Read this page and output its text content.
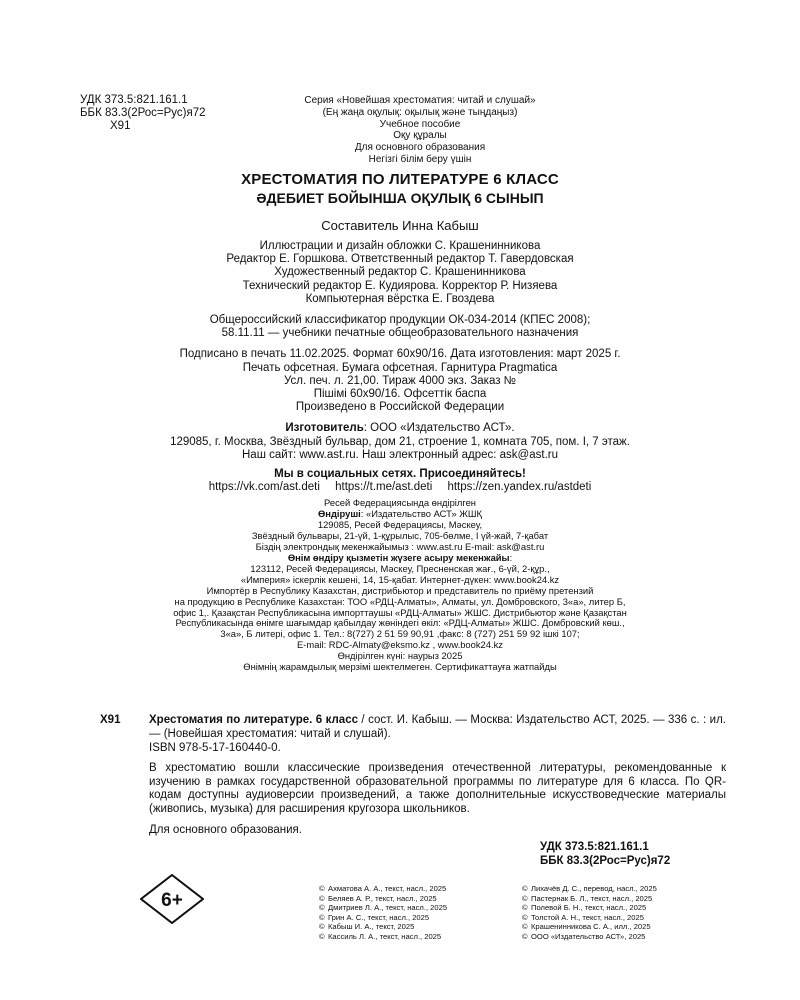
УДК 373.5:821.161.1
ББК 83.3(2Рос=Рус)я72
Х91
Серия «Новейшая хрестоматия: читай и слушай»
(Ең жаңа оқулық: оқылық және тыңдаңыз)
Учебное пособие
Оқу құралы
Для основного образования
Негізгі білім беру үшін
ХРЕСТОМАТИЯ ПО ЛИТЕРАТУРЕ 6 КЛАСС
ӘДЕБИЕТ БОЙЫНША ОҚУЛЫҚ 6 СЫНЫП
Составитель Инна Кабыш
Иллюстрации и дизайн обложки С. Крашенинникова
Редактор Е. Горшкова. Ответственный редактор Т. Гавердовская
Художественный редактор С. Крашенинникова
Технический редактор Е. Кудиярова. Корректор Р. Низяева
Компьютерная вёрстка Е. Гвоздева
Общероссийский классификатор продукции ОК-034-2014 (КПЕС 2008);
58.11.11 — учебники печатные общеобразовательного назначения
Подписано в печать 11.02.2025. Формат 60x90/16. Дата изготовления: март 2025 г.
Печать офсетная. Бумага офсетная. Гарнитура Pragmatica
Усл. печ. л. 21,00. Тираж 4000 экз. Заказ №
Пішімі 60x90/16. Офсеттік баспа
Произведено в Российской Федерации
Изготовитель: ООО «Издательство АСТ».
129085, г. Москва, Звёздный бульвар, дом 21, строение 1, комната 705, пом. I, 7 этаж.
Наш сайт: www.ast.ru. Наш электронный адрес: ask@ast.ru
Мы в социальных сетях. Присоединяйтесь!
https://vk.com/ast.deti https://t.me/ast.deti https://zen.yandex.ru/astdeti
Ресей Федерациясында өндірілген
Өндіруші: «Издательство АСТ» ЖШҚ
129085, Ресей Федерациясы, Мәскеу,
Звёздный бульвары, 21-үй, 1-құрылыс, 705-бөлме, I үй-жай, 7-қабат
Біздің электрондық мекенжайымыз : www.ast.ru E-mail: ask@ast.ru
Өнім өндіру қызметін жүзеге асыру мекенжайы:
123112, Ресей Федерациясы, Мәскеу, Пресненская жағ., 6-үй, 2-құр.,
«Империя» іскерлік кешені, 14, 15-қабат. Интернет-дүкен: www.book24.kz
Импортёр в Республику Казахстан, дистрибьютор и представитель по приёму претензий
на продукцию в Республике Казахстан: ТОО «РДЦ-Алматы», Алматы, ул. Домбровского, 3«а», литер Б,
офис 1,. Қазақстан Республикасына импорттаушы «РДЦ-Алматы» ЖШС. Дистрибьютор және Қазақстан
Республикасында өнімге шағымдар қабылдау жөніндегі өкіл: «РДЦ-Алматы» ЖШС. Домбровский көш.,
3«а», Б литері, офис 1. Тел.: 8(727) 2 51 59 90,91 ,факс: 8 (727) 251 59 92 ішкі 107;
E-mail: RDC-Almaty@eksmo.kz , www.book24.kz
Өндірілген күні: наурыз 2025
Өнімнің жарамдылық мерзімі шектелмеген. Сертификаттауға жатпайды
Х91 Хрестоматия по литературе. 6 класс / сост. И. Кабыш. — Москва: Издательство АСТ, 2025. — 336 с. : ил. — (Новейшая хрестоматия: читай и слушай).
ISBN 978-5-17-160440-0.
В хрестоматию вошли классические произведения отечественной литературы, рекомендованные к изучению в рамках государственной образовательной программы по литературе для 6 класса. По QR-кодам доступны аудиоверсии произведений, а также дополнительные искусствоведческие материалы (живопись, музыка) для расширения кругозора школьников.
Для основного образования.
УДК 373.5:821.161.1
ББК 83.3(2Рос=Рус)я72
6+
© Ахматова А. А., текст, насл., 2025
© Беляев А. Р., текст, насл., 2025
© Дмитриев Л. А., текст, насл., 2025
© Грин А. С., текст, насл., 2025
© Кабыш И. А., текст, 2025
© Кассиль Л. А., текст, насл., 2025
© Лихачёв Д. С., перевод, насл., 2025
© Пастернак Б. Л., текст, насл., 2025
© Полевой Б. Н., текст, насл., 2025
© Толстой А. Н., текст, насл., 2025
© Крашенинникова С. А., илл., 2025
© ООО «Издательство АСТ», 2025
